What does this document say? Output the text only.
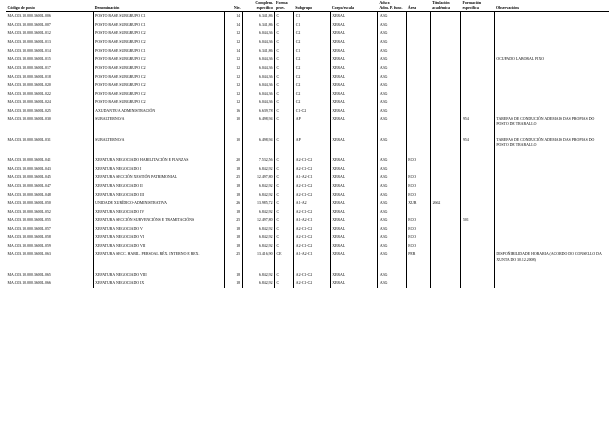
Código de posto	Denominación	Niv.	Complem.
específico	Forma
prov.	Subgrupo	Corpo/escala	Adscr.
Adm. P. func.	Área	Titulación
académica	Formación
específica	Observacións
MA.C03.10.000.3600L.006	POSTO BASE SUBGRUPO C1	14	6.341,86	C	C1	XERAL	A3G				
MA.C03.10.000.3600L.007	POSTO BASE SUBGRUPO C1	14	6.341,86	C	C1	XERAL	A3G				
MA.C03.10.000.3600L.012	POSTO BASE SUBGRUPO C2	12	6.044,36	C	C2	XERAL	A3G				
MA.C03.10.000.3600L.013	POSTO BASE SUBGRUPO C2	12	6.044,36	C	C2	XERAL	A3G				
MA.C03.10.000.3600L.014	POSTO BASE SUBGRUPO C1	14	6.341,86	C	C1	XERAL	A3G				
MA.C03.10.000.3600L.015	POSTO BASE SUBGRUPO C2	12	6.044,36	C	C2	XERAL	A3G				OCUPADO LABORAL FIXO
MA.C03.10.000.3600L.017	POSTO BASE SUBGRUPO C2	12	6.044,36	C	C2	XERAL	A3G				
MA.C03.10.000.3600L.018	POSTO BASE SUBGRUPO C2	12	6.044,36	C	C2	XERAL	A3G				
MA.C03.10.000.3600L.020	POSTO BASE SUBGRUPO C2	12	6.044,36	C	C2	XERAL	A3G				
MA.C03.10.000.3600L.022	POSTO BASE SUBGRUPO C2	12	6.044,36	C	C2	XERAL	A3G				
MA.C03.10.000.3600L.024	POSTO BASE SUBGRUPO C2	12	6.044,36	C	C2	XERAL	A3G				
MA.C03.10.000.3600L.025	AXUDANTE/A ADMINISTRACIÓN	16	6.639,78	C	C1-C2	XERAL	A3G				
MA.C03.10.000.3600L.030	SUBALTERNO/A	10	6.498,94	C	AP	XERAL	A3G			954	TAREFAS DE CONDUCIÓN ADEMAIS DAS PROPIAS DO POSTO DE TRABALLO
MA.C03.10.000.3600L.031	SUBALTERNO/A	10	6.498,94	C	AP	XERAL	A3G			954	TAREFAS DE CONDUCIÓN ADEMAIS DAS PROPIAS DO POSTO DE TRABALLO
MA.C03.10.000.3600L.041	XEFATURA NEGOCIADO HABILITACIÓN E FIANZAS	20	7.532,56	C	A2-C1-C2	XERAL	A3G	ECO			
MA.C03.10.000.3600L.043	XEFATURA NEGOCIADO I	18	6.842,92	C	A2-C1-C2	XERAL	A3G				
MA.C03.10.000.3600L.045	XEFATURA SECCIÓN XESTIÓN PATRIMONIAL	25	12.497,80	C	A1-A2-C1	XERAL	A3G	ECO			
MA.C03.10.000.3600L.047	XEFATURA NEGOCIADO II	18	6.842,92	C	A2-C1-C2	XERAL	A3G	ECO			
MA.C03.10.000.3600L.048	XEFATURA NEGOCIADO III	18	6.842,92	C	A2-C1-C2	XERAL	A3G	ECO			
MA.C03.10.000.3600L.050	UNIDADE XURÍDICO-ADMINISTRATIVA	26	13.985,72	C	A1-A2	XERAL	A3G	XUR	2662		
MA.C03.10.000.3600L.052	XEFATURA NEGOCIADO IV	18	6.842,92	C	A2-C1-C2	XERAL	A3G				
MA.C03.10.000.3600L.055	XEFATURA SECCIÓN SUBVENCIÓNS E TRAMITACIÓNS	25	12.497,80	C	A1-A2-C1	XERAL	A3G	ECO		501	
MA.C03.10.000.3600L.057	XEFATURA NEGOCIADO V	18	6.842,92	C	A2-C1-C2	XERAL	A3G	ECO			
MA.C03.10.000.3600L.058	XEFATURA NEGOCIADO VI	18	6.842,92	C	A2-C1-C2	XERAL	A3G	ECO			
MA.C03.10.000.3600L.059	XEFATURA NEGOCIADO VII	18	6.842,92	C	A2-C1-C2	XERAL	A3G	ECO			
MA.C03.10.000.3600L.063	XEFATURA SECC. HABIL. PERSOAL RÉX. INTERNO E REX.	25	13.416,90	CE	A1-A2-C1	XERAL	A3G	PER			DISPOÑIBILIDADE HORARIA (ACORDO DO CONSELLO DA XUNTA DO 30.12.2008)
MA.C03.10.000.3600L.065	XEFATURA NEGOCIADO VIII	18	6.842,92	C	A2-C1-C2	XERAL	A3G				
MA.C03.10.000.3600L.066	XEFATURA NEGOCIADO IX	18	6.842,92	C	A2-C1-C2	XERAL	A3G				
